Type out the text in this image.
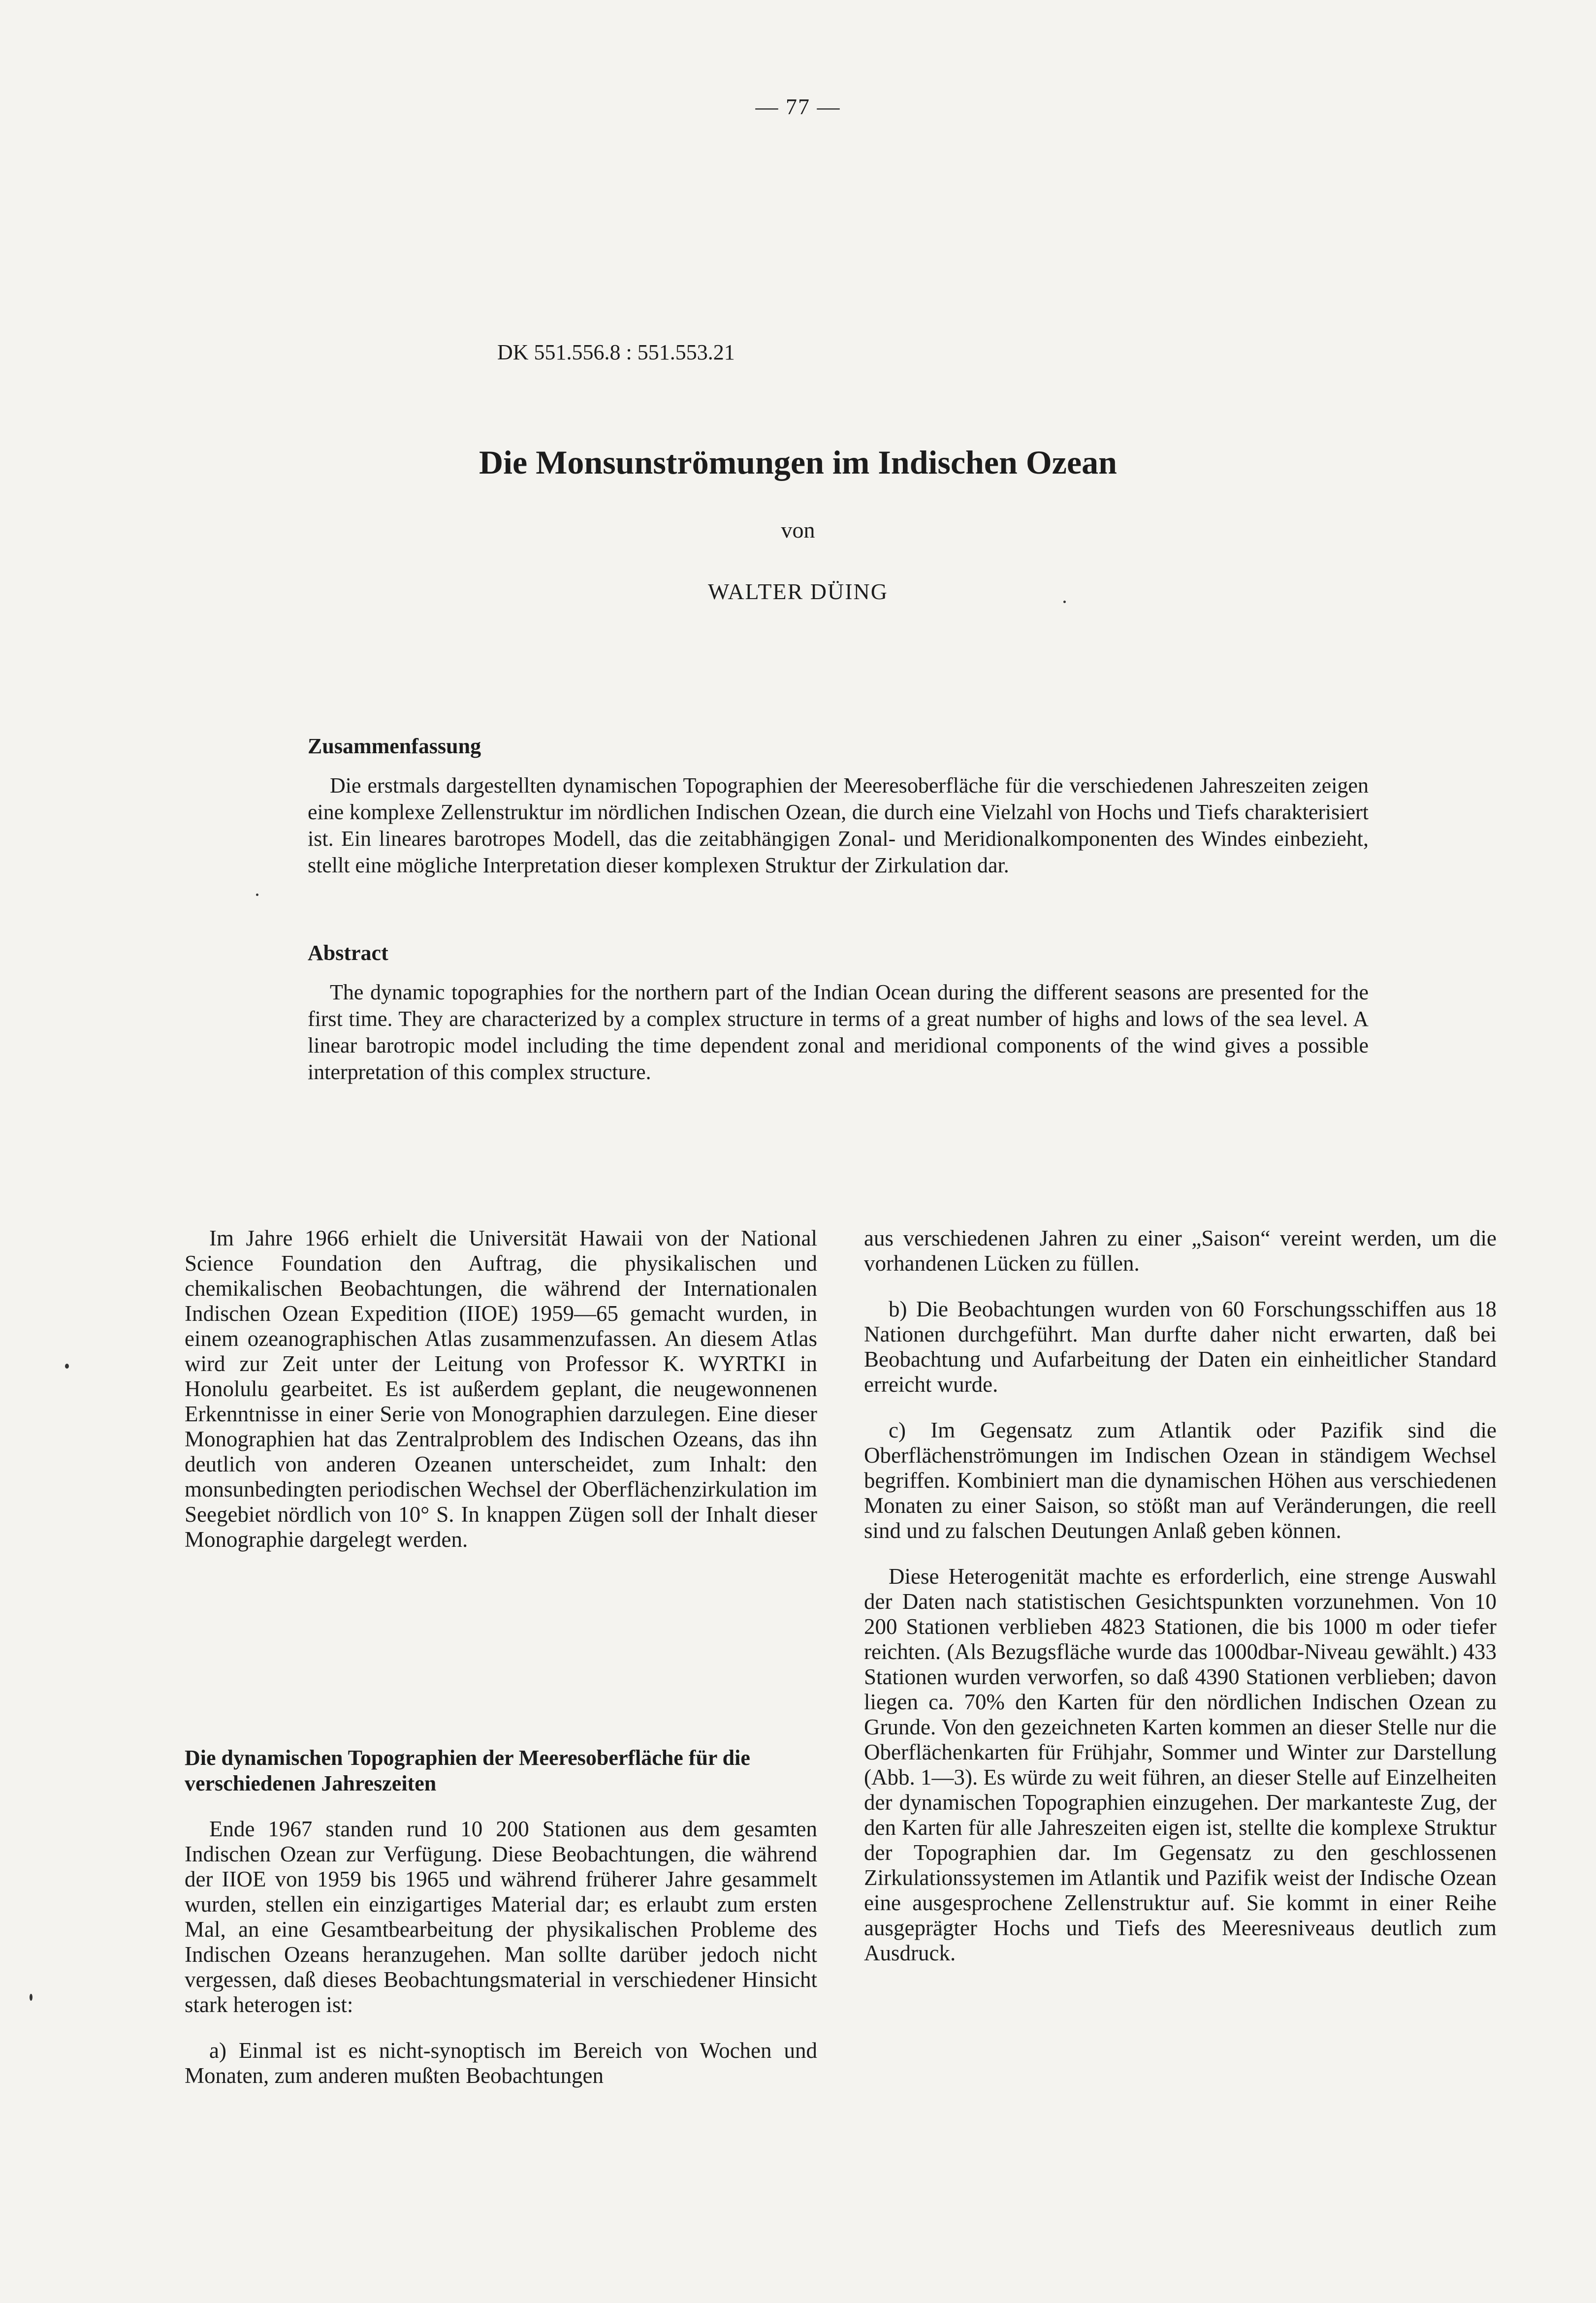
— 77 —
DK 551.556.8 : 551.553.21
Die Monsunströmungen im Indischen Ozean
von
WALTER DÜING
Zusammenfassung

Die erstmals dargestellten dynamischen Topographien der Meeresoberfläche für die verschiedenen Jahreszeiten zeigen eine komplexe Zellenstruktur im nördlichen Indischen Ozean, die durch eine Vielzahl von Hochs und Tiefs charakterisiert ist. Ein lineares barotropes Modell, das die zeitabhängigen Zonal- und Meridionalkomponenten des Windes einbezieht, stellt eine mögliche Interpretation dieser komplexen Struktur der Zirkulation dar.

Abstract

The dynamic topographies for the northern part of the Indian Ocean during the different seasons are presented for the first time. They are characterized by a complex structure in terms of a great number of highs and lows of the sea level. A linear barotropic model including the time dependent zonal and meridional components of the wind gives a possible interpretation of this complex structure.

Im Jahre 1966 erhielt die Universität Hawaii von der National Science Foundation den Auftrag, die physikalischen und chemikalischen Beobachtungen, die während der Internationalen Indischen Ozean Expedition (IIOE) 1959—65 gemacht wurden, in einem ozeanographischen Atlas zusammenzufassen. An diesem Atlas wird zur Zeit unter der Leitung von Professor K. WYRTKI in Honolulu gearbeitet. Es ist außerdem geplant, die neugewonnenen Erkenntnisse in einer Serie von Monographien darzulegen. Eine dieser Monographien hat das Zentralproblem des Indischen Ozeans, das ihn deutlich von anderen Ozeanen unterscheidet, zum Inhalt: den monsunbedingten periodischen Wechsel der Oberflächenzirkulation im Seegebiet nördlich von 10° S. In knappen Zügen soll der Inhalt dieser Monographie dargelegt werden.

Die dynamischen Topographien der Meeresoberfläche für die verschiedenen Jahreszeiten

Ende 1967 standen rund 10 200 Stationen aus dem gesamten Indischen Ozean zur Verfügung. Diese Beobachtungen, die während der IIOE von 1959 bis 1965 und während früherer Jahre gesammelt wurden, stellen ein einzigartiges Material dar; es erlaubt zum ersten Mal, an eine Gesamtbearbeitung der physikalischen Probleme des Indischen Ozeans heranzugehen. Man sollte darüber jedoch nicht vergessen, daß dieses Beobachtungsmaterial in verschiedener Hinsicht stark heterogen ist:

a) Einmal ist es nicht-synoptisch im Bereich von Wochen und Monaten, zum anderen mußten Beobachtungen

aus verschiedenen Jahren zu einer „Saison“ vereint werden, um die vorhandenen Lücken zu füllen.

b) Die Beobachtungen wurden von 60 Forschungsschiffen aus 18 Nationen durchgeführt. Man durfte daher nicht erwarten, daß bei Beobachtung und Aufarbeitung der Daten ein einheitlicher Standard erreicht wurde.

c) Im Gegensatz zum Atlantik oder Pazifik sind die Oberflächenströmungen im Indischen Ozean in ständigem Wechsel begriffen. Kombiniert man die dynamischen Höhen aus verschiedenen Monaten zu einer Saison, so stößt man auf Veränderungen, die reell sind und zu falschen Deutungen Anlaß geben können.

Diese Heterogenität machte es erforderlich, eine strenge Auswahl der Daten nach statistischen Gesichtspunkten vorzunehmen. Von 10 200 Stationen verblieben 4823 Stationen, die bis 1000 m oder tiefer reichten. (Als Bezugsfläche wurde das 1000dbar-Niveau gewählt.) 433 Stationen wurden verworfen, so daß 4390 Stationen verblieben; davon liegen ca. 70% den Karten für den nördlichen Indischen Ozean zu Grunde. Von den gezeichneten Karten kommen an dieser Stelle nur die Oberflächenkarten für Frühjahr, Sommer und Winter zur Darstellung (Abb. 1—3). Es würde zu weit führen, an dieser Stelle auf Einzelheiten der dynamischen Topographien einzugehen. Der markanteste Zug, der den Karten für alle Jahreszeiten eigen ist, stellte die komplexe Struktur der Topographien dar. Im Gegensatz zu den geschlossenen Zirkulationssystemen im Atlantik und Pazifik weist der Indische Ozean eine ausgesprochene Zellenstruktur auf. Sie kommt in einer Reihe ausgeprägter Hochs und Tiefs des Meeresniveaus deutlich zum Ausdruck.
